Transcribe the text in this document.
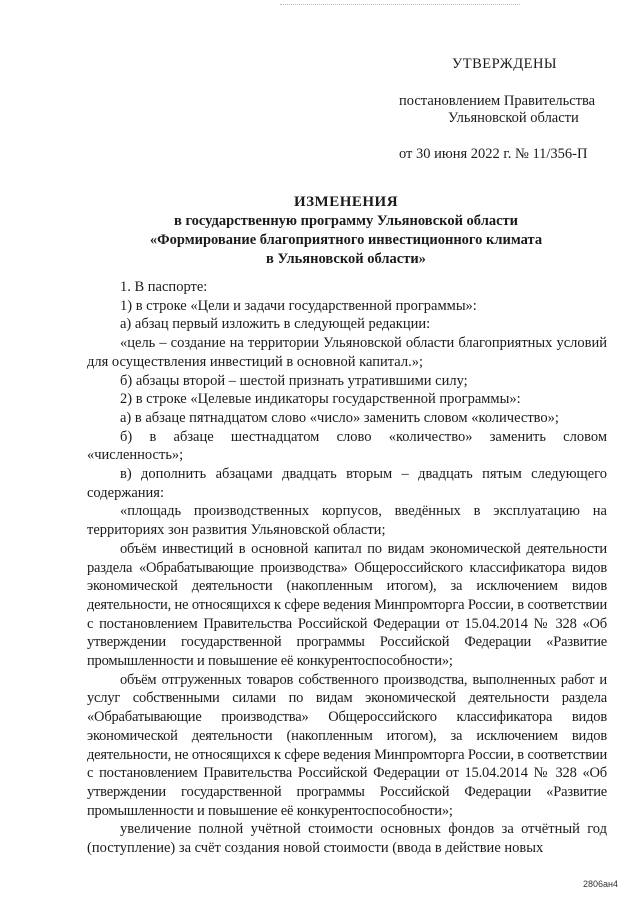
УТВЕРЖДЕНЫ
постановлением Правительства
Ульяновской области
от 30 июня 2022 г. № 11/356-П
ИЗМЕНЕНИЯ
в государственную программу Ульяновской области
«Формирование благоприятного инвестиционного климата
в Ульяновской области»

1. В паспорте:

1) в строке «Цели и задачи государственной программы»:

а) абзац первый изложить в следующей редакции:

«цель – создание на территории Ульяновской области благоприятных условий для осуществления инвестиций в основной капитал.»;

б) абзацы второй – шестой признать утратившими силу;

2) в строке «Целевые индикаторы государственной программы»:

а) в абзаце пятнадцатом слово «число» заменить словом «количество»;

б) в абзаце шестнадцатом слово «количество» заменить словом «численность»;

в) дополнить абзацами двадцать вторым – двадцать пятым следующего содержания:

«площадь производственных корпусов, введённых в эксплуатацию на территориях зон развития Ульяновской области;

объём инвестиций в основной капитал по видам экономической деятельности раздела «Обрабатывающие производства» Общероссийского классификатора видов экономической деятельности (накопленным итогом), за исключением видов деятельности, не относящихся к сфере ведения Минпромторга России, в соответствии с постановлением Правительства Российской Федерации от 15.04.2014 № 328 «Об утверждении государственной программы Российской Федерации «Развитие промышленности и повышение её конкурентоспособности»;

объём отгруженных товаров собственного производства, выполненных работ и услуг собственными силами по видам экономической деятельности раздела «Обрабатывающие производства» Общероссийского классификатора видов экономической деятельности (накопленным итогом), за исключением видов деятельности, не относящихся к сфере ведения Минпромторга России, в соответствии с постановлением Правительства Российской Федерации от 15.04.2014 № 328 «Об утверждении государственной программы Российской Федерации «Развитие промышленности и повышение её конкурентоспособности»;

увеличение полной учётной стоимости основных фондов за отчётный год (поступление) за счёт создания новой стоимости (ввода в действие новых

2806ан4
